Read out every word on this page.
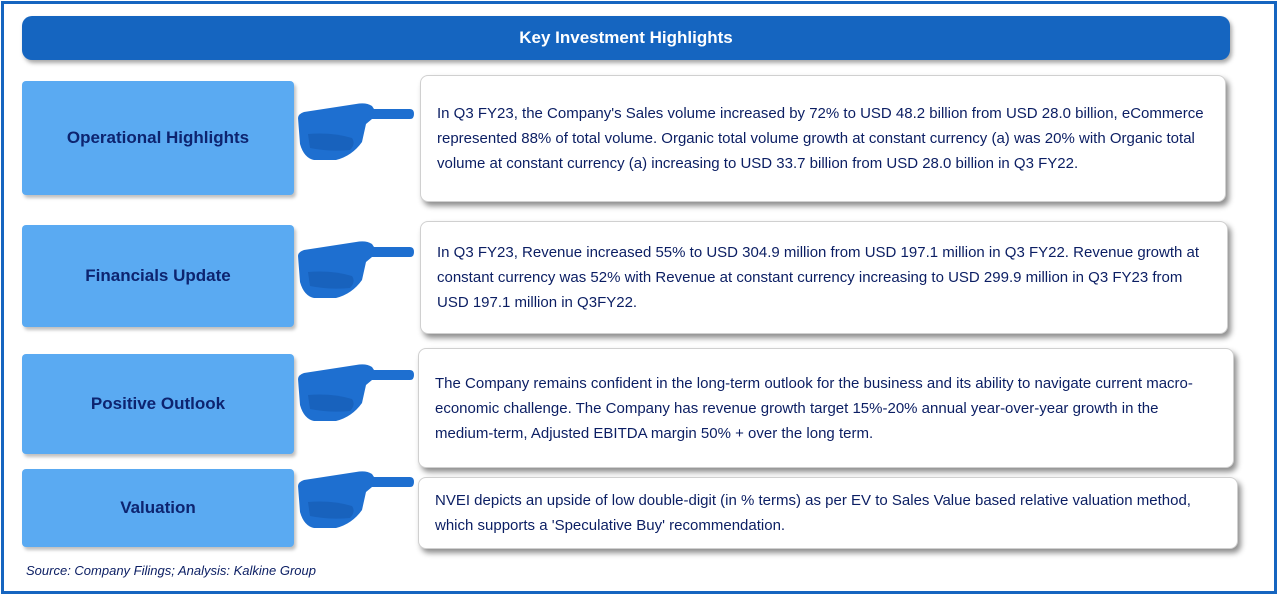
Key Investment Highlights
Operational Highlights
In Q3 FY23, the Company's Sales volume increased by 72% to USD 48.2 billion from USD 28.0 billion, eCommerce represented 88% of total volume. Organic total volume growth at constant currency (a) was 20% with Organic total volume at constant currency (a) increasing to USD 33.7 billion from USD 28.0 billion in Q3 FY22.
Financials Update
In Q3 FY23, Revenue increased 55% to USD 304.9 million from USD 197.1 million in Q3 FY22. Revenue growth at constant currency was 52% with Revenue at constant currency increasing to USD 299.9 million in Q3 FY23 from USD 197.1 million in Q3FY22.
Positive Outlook
The Company remains confident in the long-term outlook for the business and its ability to navigate current macro-economic challenge. The Company has revenue growth target 15%-20% annual year-over-year growth in the medium-term, Adjusted EBITDA margin 50% + over the long term.
Valuation	NVEI depicts an upside of low double-digit (in % terms) as per EV to Sales Value based relative valuation method, which supports a 'Speculative Buy' recommendation.
Source: Company Filings; Analysis: Kalkine Group
